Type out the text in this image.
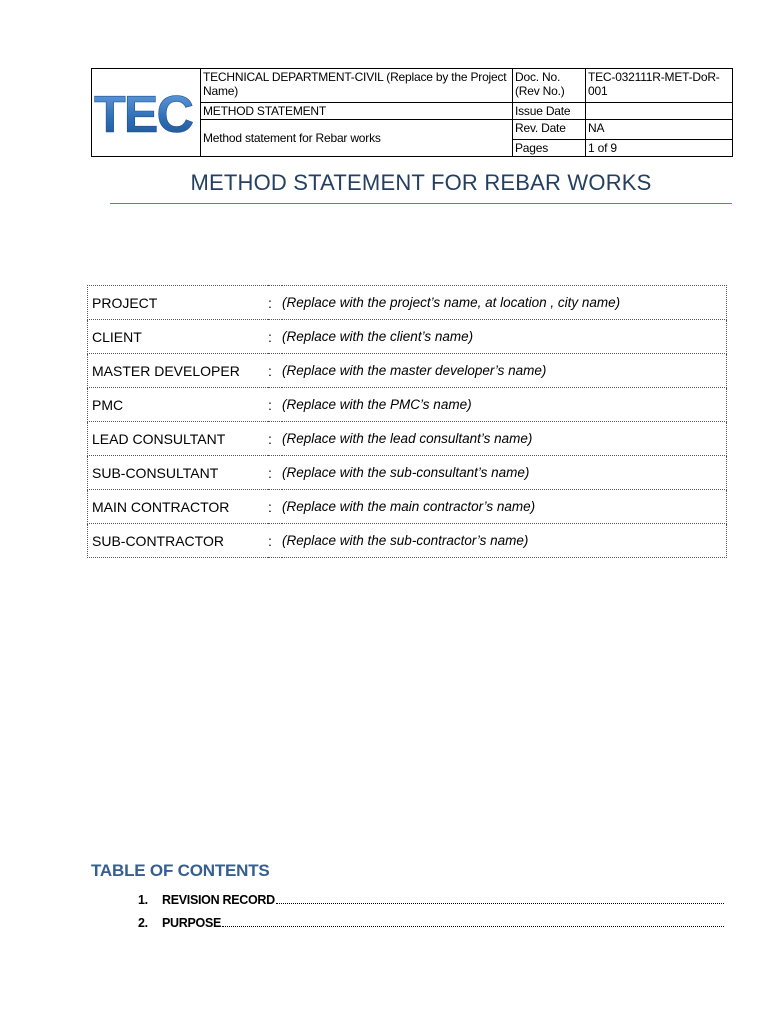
TEC	TECHNICAL DEPARTMENT-CIVIL (Replace by the Project Name)	Doc. No. (Rev No.)	TEC-032111R-MET-DoR-001
	METHOD STATEMENT	Issue Date	
	Method statement for Rebar works	Rev. Date	NA
		Pages	1 of 9
METHOD STATEMENT FOR REBAR WORKS
PROJECT	:	(Replace with the project’s name, at location , city name)
CLIENT	:	(Replace with the client’s name)
MASTER DEVELOPER	:	(Replace with the master developer’s name)
PMC	:	(Replace with the PMC’s name)
LEAD CONSULTANT	:	(Replace with the lead consultant’s name)
SUB-CONSULTANT	:	(Replace with the sub-consultant’s name)
MAIN CONTRACTOR	:	(Replace with the main contractor’s name)
SUB-CONTRACTOR	:	(Replace with the sub-contractor’s name)
TABLE OF CONTENTS
1.	REVISION RECORD
2.	PURPOSE
